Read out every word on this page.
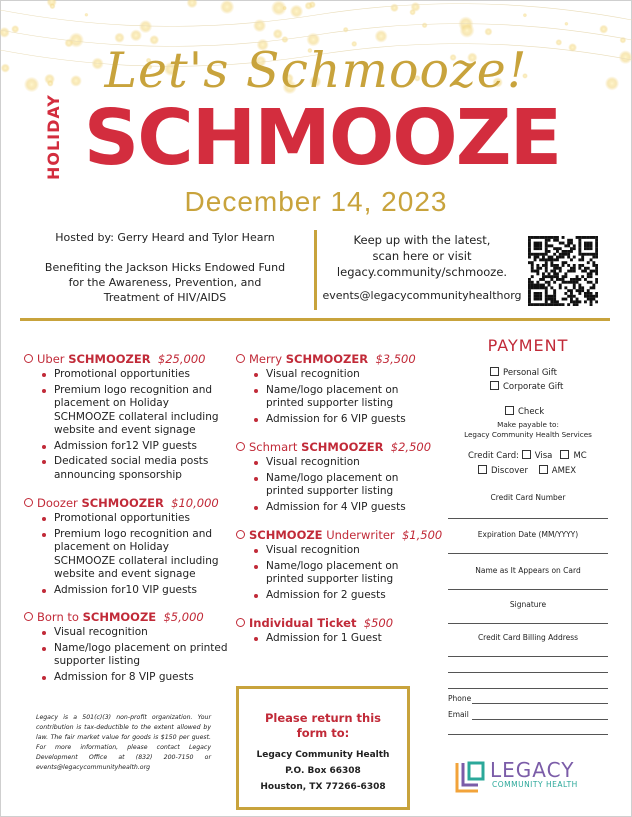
Let's Schmooze!
HOLIDAY SCHMOOZE
December 14, 2023
Hosted by: Gerry Heard and Tylor Hearn
Benefiting the Jackson Hicks Endowed Fund
for the Awareness, Prevention, and
Treatment of HIV/AIDS
Keep up with the latest,
scan here or visit
legacy.community/schmooze.
events@legacycommunityhealthorg
Uber SCHMOOZER $25,000
Promotional opportunities
Premium logo recognition and placement on Holiday SCHMOOZE collateral including website and event signage
Admission for12 VIP guests
Dedicated social media posts announcing sponsorship
Doozer SCHMOOZER $10,000
Promotional opportunities
Premium logo recognition and placement on Holiday SCHMOOZE collateral including website and event signage
Admission for10 VIP guests
Born to SCHMOOZE $5,000
Visual recognition
Name/logo placement on printed supporter listing
Admission for 8 VIP guests
Merry SCHMOOZER $3,500
Visual recognition
Name/logo placement on printed supporter listing
Admission for 6 VIP guests
Schmart SCHMOOZER $2,500
Visual recognition
Name/logo placement on printed supporter listing
Admission for 4 VIP guests
SCHMOOZE Underwriter $1,500
Visual recognition
Name/logo placement on printed supporter listing
Admission for 2 guests
Individual Ticket $500
Admission for 1 Guest
PAYMENT
Personal Gift
Corporate Gift
Check
Make payable to:
Legacy Community Health Services
Credit Card: Visa MC
Discover	AMEX
Credit Card Number
Expiration Date (MM/YYYY)
Name as It Appears on Card
Signature
Credit Card Billing Address
Phone
Email
Legacy is a 501(c)(3) non-profit organization. Your contribution is tax-deductible to the extent allowed by law. The fair market value for goods is $150 per guest. For more information, please contact Legacy Development Office at (832) 200-7150 or events@legacycommunityhealth.org
Please return this
form to:
Legacy Community Health
P.O. Box 66308
Houston, TX 77266-6308
LEGACY
COMMUNITY HEALTH
